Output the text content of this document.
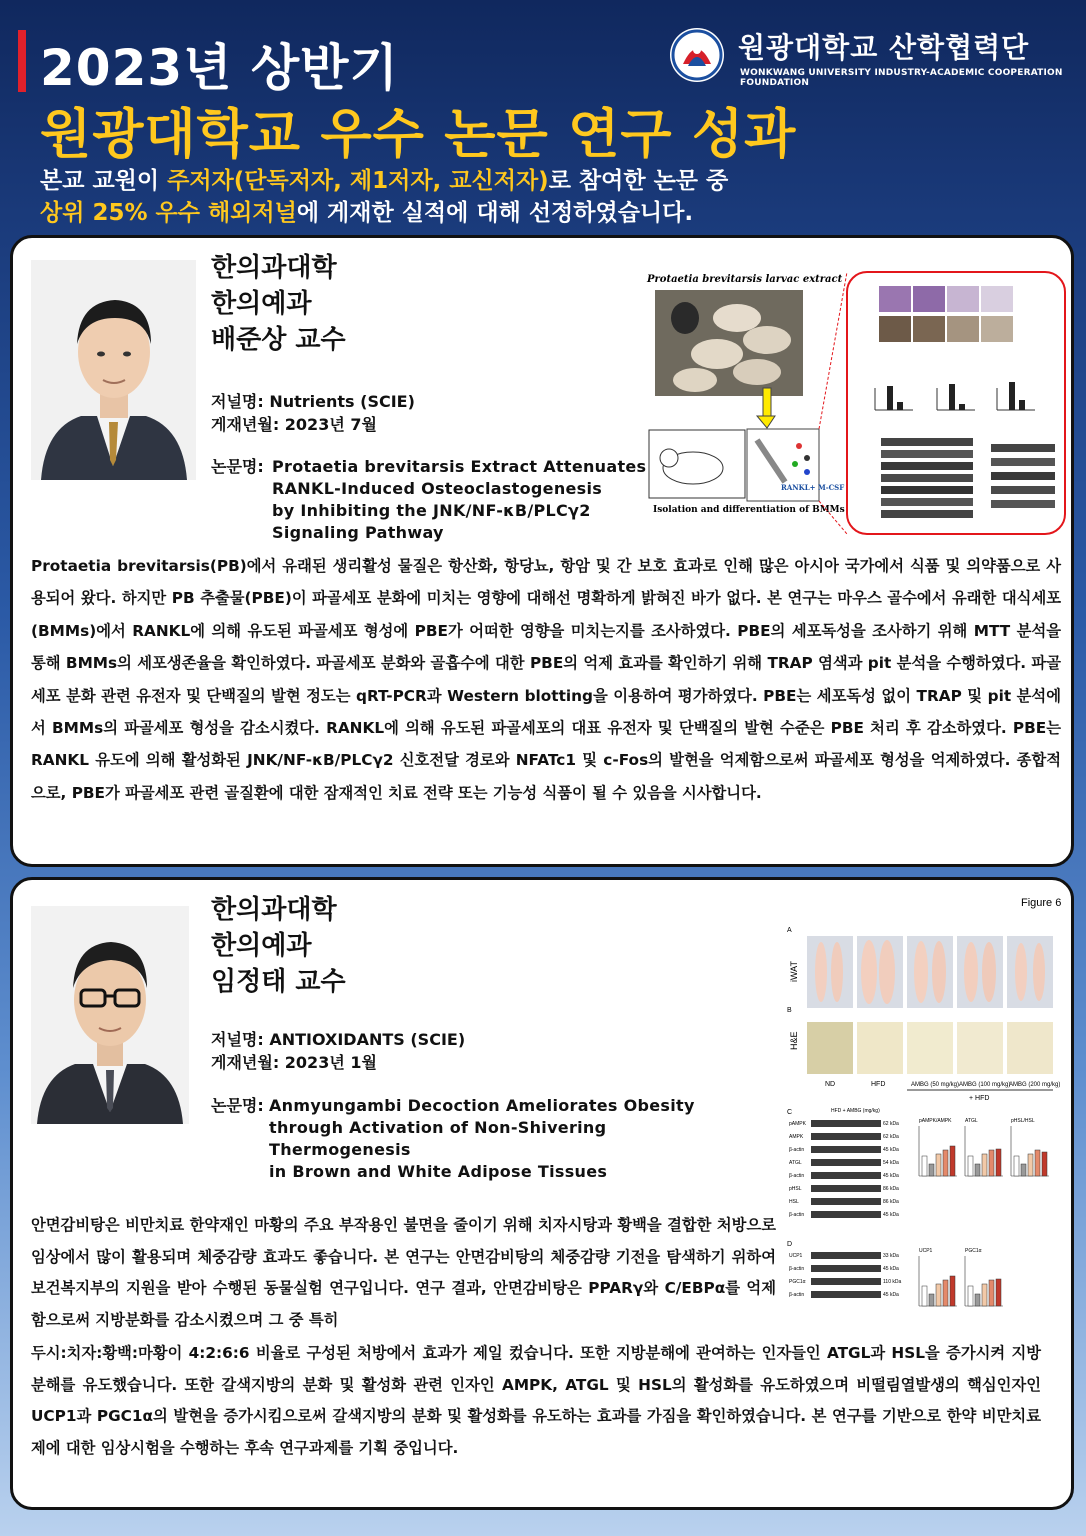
2023년 상반기
원광대학교 우수 논문 연구 성과
본교 교원이 주저자(단독저자, 제1저자, 교신저자)로 참여한 논문 중
상위 25% 우수 해외저널에 게재한 실적에 대해 선정하였습니다.
원광대학교 산학협력단
WONKWANG UNIVERSITY INDUSTRY-ACADEMIC COOPERATION FOUNDATION
한의과대학
한의예과
배준상 교수
저널명: Nutrients (SCIE)
게재년월: 2023년 7월
논문명: Protaetia brevitarsis Extract Attenuates
RANKL-Induced Osteoclastogenesis
by Inhibiting the JNK/NF-κB/PLCγ2
Signaling Pathway
Protaetia brevitarsis larvac extract
RANKL+ M-CSF
Isolation and differentiation of BMMs
Protaetia brevitarsis(PB)에서 유래된 생리활성 물질은 항산화, 항당뇨, 항암 및 간 보호 효과로 인해 많은 아시아 국가에서 식품 및 의약품으로 사용되어 왔다. 하지만 PB 추출물(PBE)이 파골세포 분화에 미치는 영향에 대해선 명확하게 밝혀진 바가 없다. 본 연구는 마우스 골수에서 유래한 대식세포(BMMs)에서 RANKL에 의해 유도된 파골세포 형성에 PBE가 어떠한 영향을 미치는지를 조사하였다. PBE의 세포독성을 조사하기 위해 MTT 분석을 통해 BMMs의 세포생존율을 확인하였다. 파골세포 분화와 골흡수에 대한 PBE의 억제 효과를 확인하기 위해 TRAP 염색과 pit 분석을 수행하였다. 파골세포 분화 관련 유전자 및 단백질의 발현 정도는 qRT-PCR과 Western blotting을 이용하여 평가하였다. PBE는 세포독성 없이 TRAP 및 pit 분석에서 BMMs의 파골세포 형성을 감소시켰다. RANKL에 의해 유도된 파골세포의 대표 유전자 및 단백질의 발현 수준은 PBE 처리 후 감소하였다. PBE는 RANKL 유도에 의해 활성화된 JNK/NF-κB/PLCγ2 신호전달 경로와 NFATc1 및 c-Fos의 발현을 억제함으로써 파골세포 형성을 억제하였다. 종합적으로, PBE가 파골세포 관련 골질환에 대한 잠재적인 치료 전략 또는 기능성 식품이 될 수 있음을 시사합니다.
한의과대학
한의예과
임정태 교수
저널명: ANTIOXIDANTS (SCIE)
게재년월: 2023년 1월
논문명: Anmyungambi Decoction Ameliorates Obesity
through Activation of Non-Shivering Thermogenesis
in Brown and White Adipose Tissues
Figure 6
A
B
C
D
iWAT
H&E
ND	HFD	AMBG (50 mg/kg) AMBG (100 mg/kg)
AMBG (200 mg/kg)
+ HFD
HFD + AMBG (mg/kg)
pAMPK	62 kDa
AMPK	62 kDa
β-actin	45 kDa
ATGL	54 kDa
β-actin	45 kDa
pHSL	86 kDa
HSL	86 kDa
β-actin	45 kDa
UCP1	33 kDa
β-actin	45 kDa
PGC1α	110 kDa
β-actin	45 kDa
pAMPK/AMPK	ATGL	pHSL/HSL
UCP1	PGC1α
안면감비탕은 비만치료 한약재인 마황의 주요 부작용인 불면을 줄이기 위해 치자시탕과 황백을 결합한 처방으로 임상에서 많이 활용되며 체중감량 효과도 좋습니다. 본 연구는 안면감비탕의 체중감량 기전을 탐색하기 위하여 보건복지부의 지원을 받아 수행된 동물실험 연구입니다. 연구 결과, 안면감비탕은 PPARγ와 C/EBPα를 억제함으로써 지방분화를 감소시켰으며 그 중 특히
두시:치자:황백:마황이 4:2:6:6 비율로 구성된 처방에서 효과가 제일 컸습니다. 또한 지방분해에 관여하는 인자들인 ATGL과 HSL을 증가시켜 지방분해를 유도했습니다. 또한 갈색지방의 분화 및 활성화 관련 인자인 AMPK, ATGL 및 HSL의 활성화를 유도하였으며 비떨림열발생의 핵심인자인 UCP1과 PGC1α의 발현을 증가시킴으로써 갈색지방의 분화 및 활성화를 유도하는 효과를 가짐을 확인하였습니다. 본 연구를 기반으로 한약 비만치료제에 대한 임상시험을 수행하는 후속 연구과제를 기획 중입니다.
